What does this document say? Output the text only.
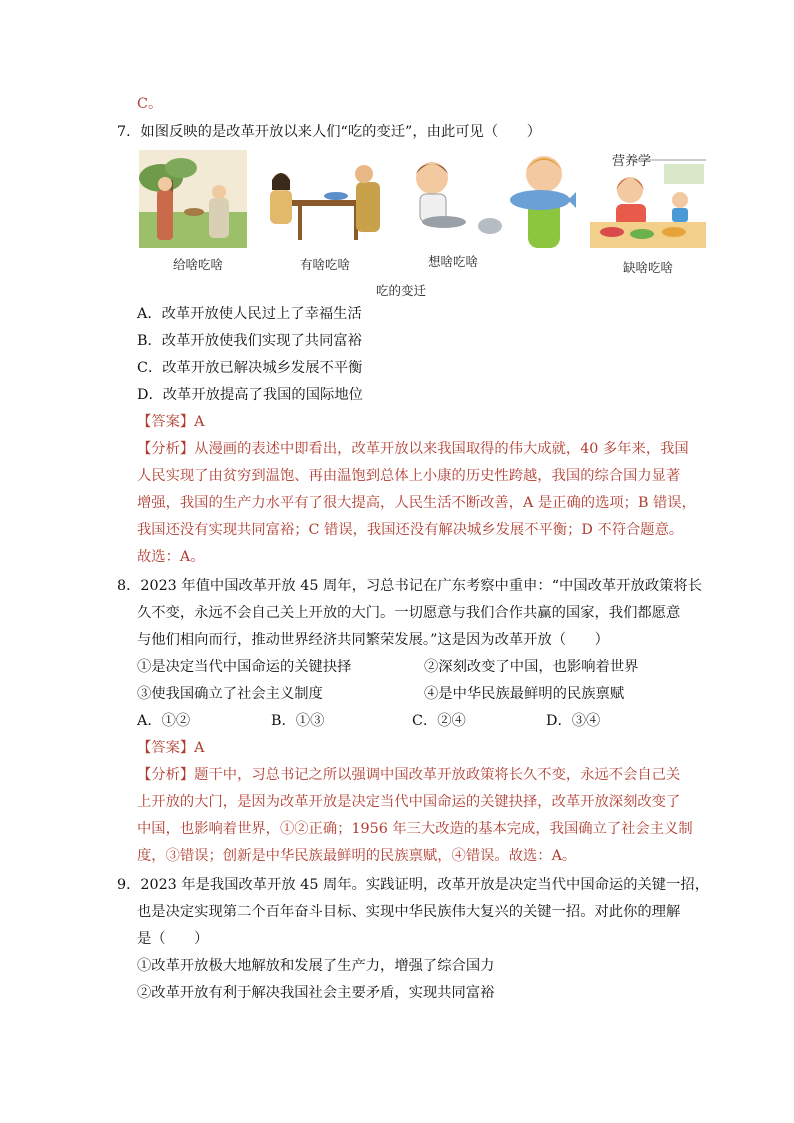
C。
7．如图反映的是改革开放以来人们“吃的变迁”，由此可见（　　）
给啥吃啥	有啥吃啥	想啥吃啥
营养学
缺啥吃啥
吃的变迁
A．改革开放使人民过上了幸福生活
B．改革开放使我们实现了共同富裕
C．改革开放已解决城乡发展不平衡
D．改革开放提高了我国的国际地位
【答案】A
【分析】从漫画的表述中即看出，改革开放以来我国取得的伟大成就，40 多年来，我国
人民实现了由贫穷到温饱、再由温饱到总体上小康的历史性跨越，我国的综合国力显著
增强，我国的生产力水平有了很大提高，人民生活不断改善，A 是正确的选项；B 错误，
我国还没有实现共同富裕；C 错误，我国还没有解决城乡发展不平衡；D 不符合题意。
故选：A。
8．2023 年值中国改革开放 45 周年，习总书记在广东考察中重申：“中国改革开放政策将长
久不变，永远不会自己关上开放的大门。一切愿意与我们合作共赢的国家，我们都愿意
与他们相向而行，推动世界经济共同繁荣发展。”这是因为改革开放（　　）
①是决定当代中国命运的关键抉择	②深刻改变了中国，也影响着世界
③使我国确立了社会主义制度	④是中华民族最鲜明的民族禀赋
A．①②	B．①③	C．②④	D．③④
【答案】A
【分析】题干中，习总书记之所以强调中国改革开放政策将长久不变，永远不会自己关
上开放的大门，是因为改革开放是决定当代中国命运的关键抉择，改革开放深刻改变了
中国，也影响着世界，①②正确；1956 年三大改造的基本完成，我国确立了社会主义制
度，③错误；创新是中华民族最鲜明的民族禀赋，④错误。故选：A。
9．2023 年是我国改革开放 45 周年。实践证明，改革开放是决定当代中国命运的关键一招，
也是决定实现第二个百年奋斗目标、实现中华民族伟大复兴的关键一招。对此你的理解
是（　　）
①改革开放极大地解放和发展了生产力，增强了综合国力
②改革开放有利于解决我国社会主要矛盾，实现共同富裕
